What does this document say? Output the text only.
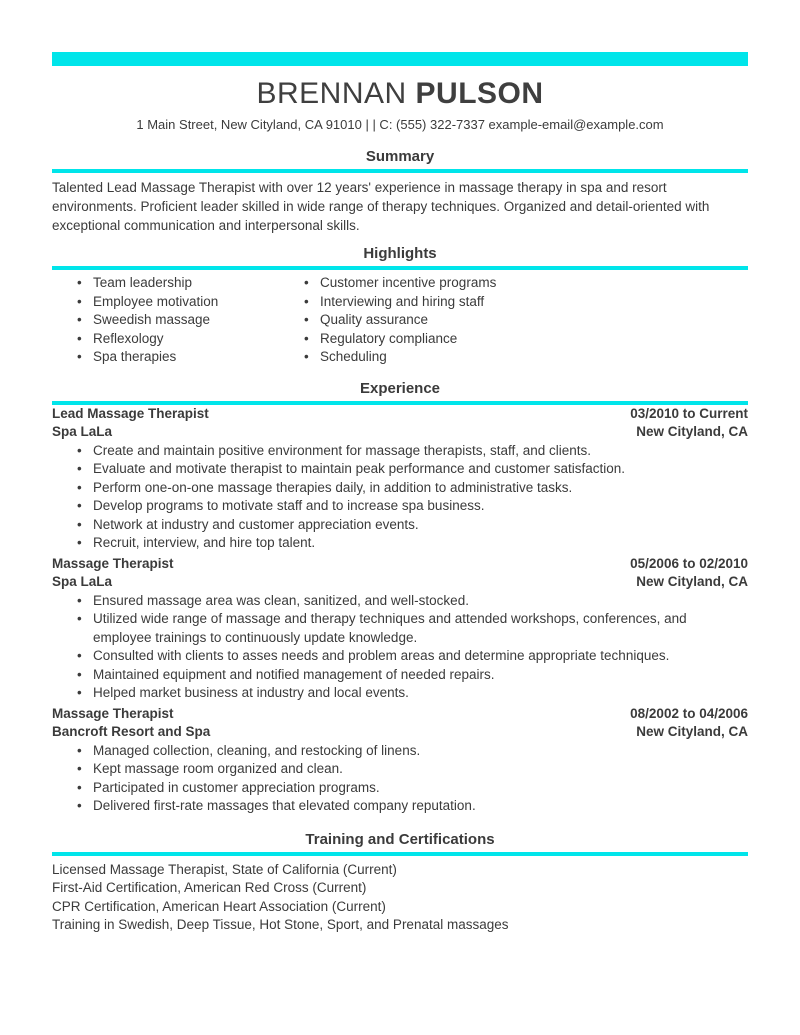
BRENNAN PULSON
1 Main Street, New Cityland, CA 91010 | | C: (555) 322-7337 example-email@example.com
Summary

Talented Lead Massage Therapist with over 12 years' experience in massage therapy in spa and resort environments. Proficient leader skilled in wide range of therapy techniques. Organized and detail-oriented with exceptional communication and interpersonal skills.

Highlights
• Team leadership
• Employee motivation
• Sweedish massage
• Reflexology
• Spa therapies
• Customer incentive programs
• Interviewing and hiring staff
• Quality assurance
• Regulatory compliance
• Scheduling
Experience
Lead Massage Therapist	03/2010 to Current
Spa LaLa	New Cityland, CA
• Create and maintain positive environment for massage therapists, staff, and clients.
• Evaluate and motivate therapist to maintain peak performance and customer satisfaction.
• Perform one-on-one massage therapies daily, in addition to administrative tasks.
• Develop programs to motivate staff and to increase spa business.
• Network at industry and customer appreciation events.
• Recruit, interview, and hire top talent.
Massage Therapist	05/2006 to 02/2010
Spa LaLa	New Cityland, CA
• Ensured massage area was clean, sanitized, and well-stocked.
• Utilized wide range of massage and therapy techniques and attended workshops, conferences, and employee trainings to continuously update knowledge.
• Consulted with clients to asses needs and problem areas and determine appropriate techniques.
• Maintained equipment and notified management of needed repairs.
• Helped market business at industry and local events.
Massage Therapist	08/2002 to 04/2006
Bancroft Resort and Spa	New Cityland, CA
• Managed collection, cleaning, and restocking of linens.
• Kept massage room organized and clean.
• Participated in customer appreciation programs.
• Delivered first-rate massages that elevated company reputation.
Training and Certifications
Licensed Massage Therapist, State of California (Current)
First-Aid Certification, American Red Cross (Current)
CPR Certification, American Heart Association (Current)
Training in Swedish, Deep Tissue, Hot Stone, Sport, and Prenatal massages
